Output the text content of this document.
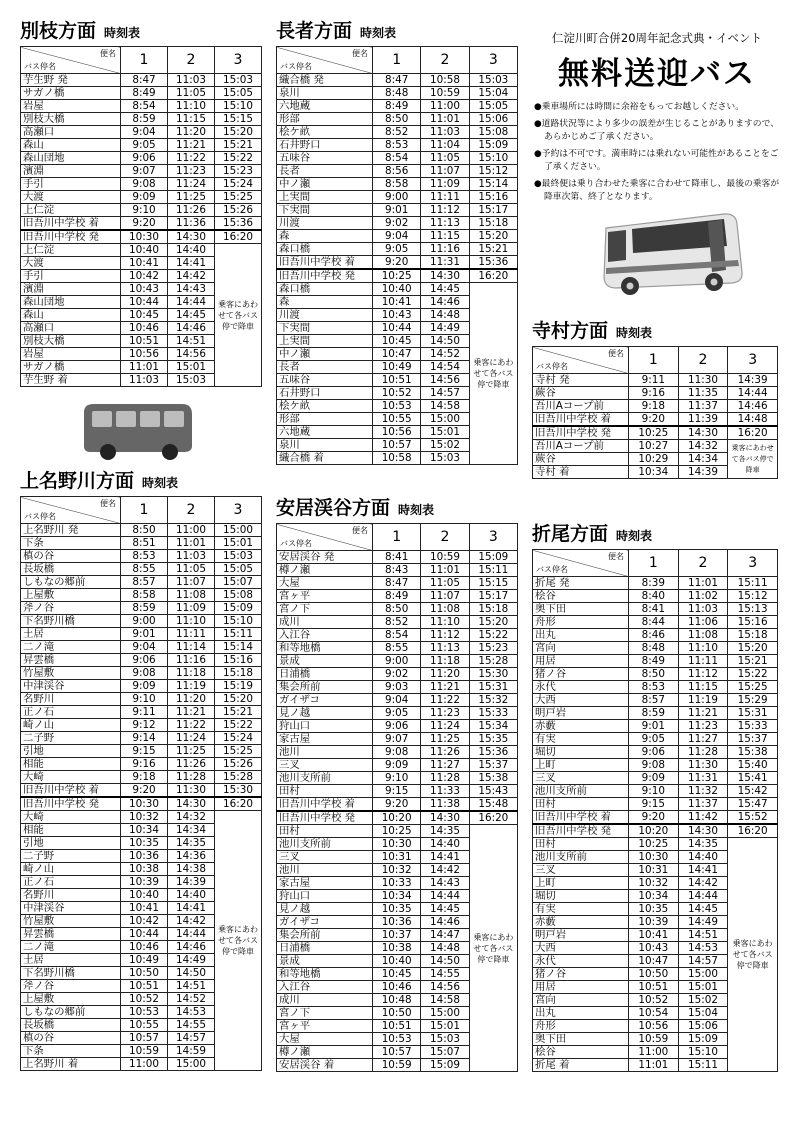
別枝方面 時刻表
便名
バス停名	1	2	3
芋生野 発	8:47	11:03	15:03
サガノ橋	8:49	11:05	15:05
岩屋	8:54	11:10	15:10
別枝大橋	8:59	11:15	15:15
高瀬口	9:04	11:20	15:20
森山	9:05	11:21	15:21
森山団地	9:06	11:22	15:22
濱淵	9:07	11:23	15:23
手引	9:08	11:24	15:24
大渡	9:09	11:25	15:25
上仁淀	9:10	11:26	15:26
旧吾川中学校 着	9:20	11:36	15:36
旧吾川中学校 発	10:30	14:30	16:20
上仁淀	10:40	14:40	乗客にあわせて各バス停で降車
大渡	10:41	14:41	
手引	10:42	14:42	
濱淵	10:43	14:43	
森山団地	10:44	14:44	
森山	10:45	14:45	
高瀬口	10:46	14:46	
別枝大橋	10:51	14:51	
岩屋	10:56	14:56	
サガノ橋	11:01	15:01	
芋生野 着	11:03	15:03	
長者方面 時刻表
便名
バス停名	1	2	3
織合橋 発	8:47	10:58	15:03
泉川	8:48	10:59	15:04
六地蔵	8:49	11:00	15:05
形部	8:50	11:01	15:06
桧ケ畝	8:52	11:03	15:08
石井野口	8:53	11:04	15:09
五味谷	8:54	11:05	15:10
長者	8:56	11:07	15:12
中ノ瀬	8:58	11:09	15:14
上実間	9:00	11:11	15:16
下実間	9:01	11:12	15:17
川渡	9:02	11:13	15:18
森	9:04	11:15	15:20
森口橋	9:05	11:16	15:21
旧吾川中学校 着	9:20	11:31	15:36
旧吾川中学校 発	10:25	14:30	16:20
森口橋	10:40	14:45	乗客にあわせて各バス停で降車
森	10:41	14:46	
川渡	10:43	14:48	
下実間	10:44	14:49	
上実間	10:45	14:50	
中ノ瀬	10:47	14:52	
長者	10:49	14:54	
五味谷	10:51	14:56	
石井野口	10:52	14:57	
桧ケ畝	10:53	14:58	
形部	10:55	15:00	
六地蔵	10:56	15:01	
泉川	10:57	15:02	
織合橋 着	10:58	15:03	
仁淀川町合併20周年記念式典・イベント
無料送迎バス
●乗車場所には時間に余裕をもってお越しください。
●道路状況等により多少の誤差が生じることがありますので、あらかじめご了承ください。
●予約は不可です。満車時には乗れない可能性があることをご了承ください。
●最終便は乗り合わせた乗客に合わせて降車し、最後の乗客が降車次第、終了となります。
寺村方面 時刻表
便名
バス停名	1	2	3
寺村 発	9:11	11:30	14:39
蕨谷	9:16	11:35	14:44
吾川Aコープ前	9:18	11:37	14:46
旧吾川中学校 着	9:20	11:39	14:48
旧吾川中学校 発	10:25	14:30	16:20
吾川Aコープ前	10:27	14:32	乗客にあわせて各バス停で降車
蕨谷	10:29	14:34	
寺村 着	10:34	14:39	
上名野川方面 時刻表
便名
バス停名	1	2	3
上名野川 発	8:50	11:00	15:00
下条	8:51	11:01	15:01
槙の谷	8:53	11:03	15:03
長坂橋	8:55	11:05	15:05
しもなの郷前	8:57	11:07	15:07
上屋敷	8:58	11:08	15:08
斧ノ谷	8:59	11:09	15:09
下名野川橋	9:00	11:10	15:10
土居	9:01	11:11	15:11
二ノ滝	9:04	11:14	15:14
昇雲橋	9:06	11:16	15:16
竹屋敷	9:08	11:18	15:18
中津渓谷	9:09	11:19	15:19
名野川	9:10	11:20	15:20
正ノ石	9:11	11:21	15:21
崎ノ山	9:12	11:22	15:22
二子野	9:14	11:24	15:24
引地	9:15	11:25	15:25
相能	9:16	11:26	15:26
大崎	9:18	11:28	15:28
旧吾川中学校 着	9:20	11:30	15:30
旧吾川中学校 発	10:30	14:30	16:20
大崎	10:32	14:32	乗客にあわせて各バス停で降車
相能	10:34	14:34	
引地	10:35	14:35	
二子野	10:36	14:36	
崎ノ山	10:38	14:38	
正ノ石	10:39	14:39	
名野川	10:40	14:40	
中津渓谷	10:41	14:41	
竹屋敷	10:42	14:42	
昇雲橋	10:44	14:44	
二ノ滝	10:46	14:46	
土居	10:49	14:49	
下名野川橋	10:50	14:50	
斧ノ谷	10:51	14:51	
上屋敷	10:52	14:52	
しもなの郷前	10:53	14:53	
長坂橋	10:55	14:55	
槙の谷	10:57	14:57	
下条	10:59	14:59	
上名野川 着	11:00	15:00	
安居渓谷方面 時刻表
便名
バス停名	1	2	3
安居渓谷 発	8:41	10:59	15:09
樽ノ瀬	8:43	11:01	15:11
大屋	8:47	11:05	15:15
宮ヶ平	8:49	11:07	15:17
宮ノ下	8:50	11:08	15:18
成川	8:52	11:10	15:20
入江谷	8:54	11:12	15:22
和等地橋	8:55	11:13	15:23
景成	9:00	11:18	15:28
日浦橋	9:02	11:20	15:30
集会所前	9:03	11:21	15:31
ガイザコ	9:04	11:22	15:32
見ノ越	9:05	11:23	15:33
狩山口	9:06	11:24	15:34
家古屋	9:07	11:25	15:35
池川	9:08	11:26	15:36
三叉	9:09	11:27	15:37
池川支所前	9:10	11:28	15:38
田村	9:15	11:33	15:43
旧吾川中学校 着	9:20	11:38	15:48
旧吾川中学校 発	10:20	14:30	16:20
田村	10:25	14:35	乗客にあわせて各バス停で降車
池川支所前	10:30	14:40	
三叉	10:31	14:41	
池川	10:32	14:42	
家古屋	10:33	14:43	
狩山口	10:34	14:44	
見ノ越	10:35	14:45	
ガイザコ	10:36	14:46	
集会所前	10:37	14:47	
日浦橋	10:38	14:48	
景成	10:40	14:50	
和等地橋	10:45	14:55	
入江谷	10:46	14:56	
成川	10:48	14:58	
宮ノ下	10:50	15:00	
宮ヶ平	10:51	15:01	
大屋	10:53	15:03	
樽ノ瀬	10:57	15:07	
安居渓谷 着	10:59	15:09	
折尾方面 時刻表
便名
バス停名	1	2	3
折尾 発	8:39	11:01	15:11
桧谷	8:40	11:02	15:12
奥下田	8:41	11:03	15:13
舟形	8:44	11:06	15:16
出丸	8:46	11:08	15:18
宮向	8:48	11:10	15:20
用居	8:49	11:11	15:21
猪ノ谷	8:50	11:12	15:22
永代	8:53	11:15	15:25
大西	8:57	11:19	15:29
明戸岩	8:59	11:21	15:31
赤藪	9:01	11:23	15:33
有実	9:05	11:27	15:37
堀切	9:06	11:28	15:38
上町	9:08	11:30	15:40
三叉	9:09	11:31	15:41
池川支所前	9:10	11:32	15:42
田村	9:15	11:37	15:47
旧吾川中学校 着	9:20	11:42	15:52
旧吾川中学校 発	10:20	14:30	16:20
田村	10:25	14:35	乗客にあわせて各バス停で降車
池川支所前	10:30	14:40	
三叉	10:31	14:41	
上町	10:32	14:42	
堀切	10:34	14:44	
有実	10:35	14:45	
赤藪	10:39	14:49	
明戸岩	10:41	14:51	
大西	10:43	14:53	
永代	10:47	14:57	
猪ノ谷	10:50	15:00	
用居	10:51	15:01	
宮向	10:52	15:02	
出丸	10:54	15:04	
舟形	10:56	15:06	
奥下田	10:59	15:09	
桧谷	11:00	15:10	
折尾 着	11:01	15:11	
